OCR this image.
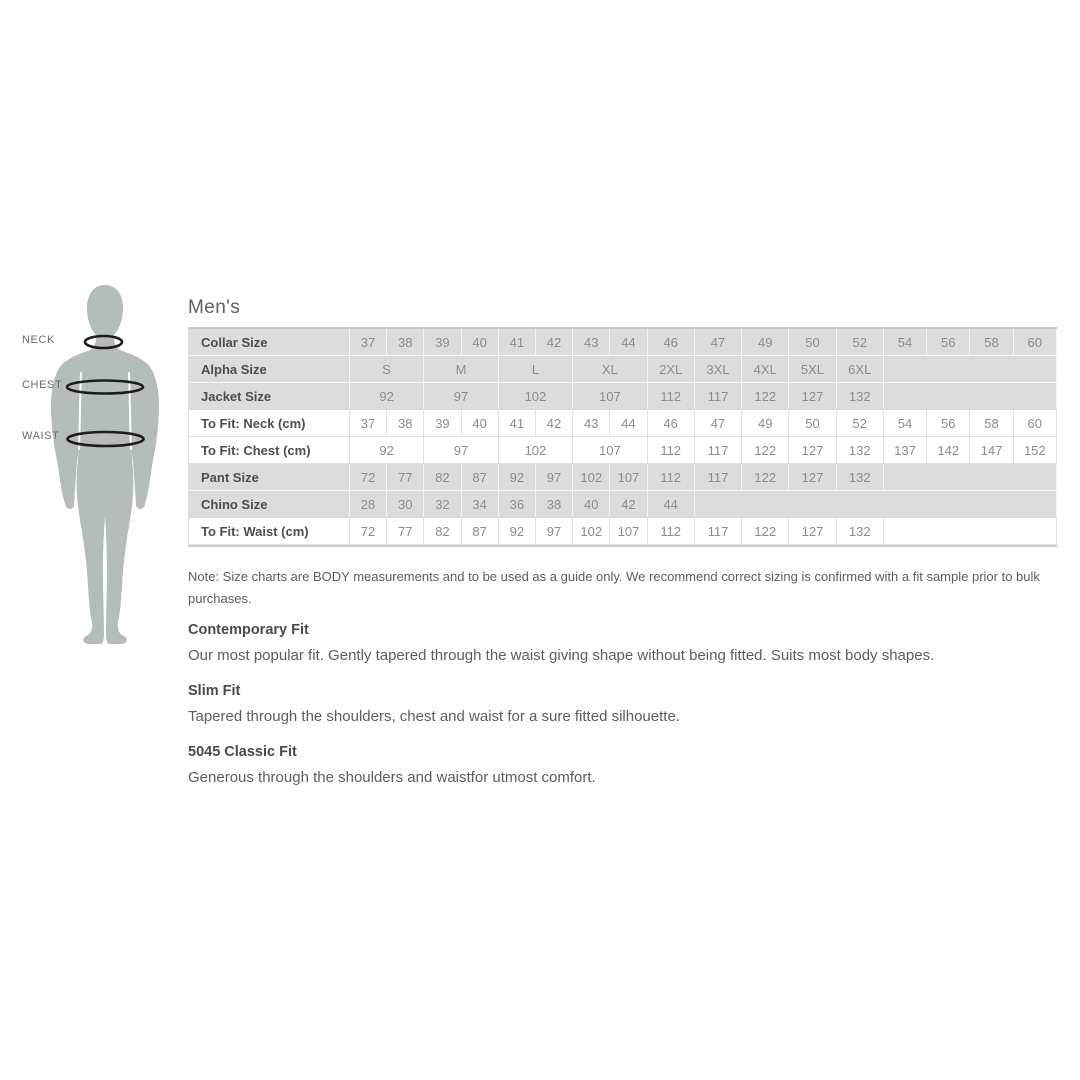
NECK
CHEST
WAIST
Men's
Collar Size	37	38	39	40	41	42	43	44	46	47	49	50	52	54	56	58	60
Alpha Size	S		M		L		XL		2XL	3XL	4XL	5XL	6XL				
Jacket Size	92		97		102		107		112	117	122	127	132				
To Fit: Neck (cm)	37	38	39	40	41	42	43	44	46	47	49	50	52	54	56	58	60
To Fit: Chest (cm)	92		97		102		107		112	117	122	127	132	137	142	147	152
Pant Size	72	77	82	87	92	97	102	107	112	117	122	127	132				
Chino Size	28	30	32	34	36	38	40	42	44								
To Fit: Waist (cm)	72	77	82	87	92	97	102	107	112	117	122	127	132				

Note: Size charts are BODY measurements and to be used as a guide only. We recommend correct sizing is confirmed with a fit sample prior to bulk purchases.

Contemporary Fit

Our most popular fit. Gently tapered through the waist giving shape without being fitted. Suits most body shapes.

Slim Fit

Tapered through the shoulders, chest and waist for a sure fitted silhouette.

5045 Classic Fit

Generous through the shoulders and waistfor utmost comfort.
